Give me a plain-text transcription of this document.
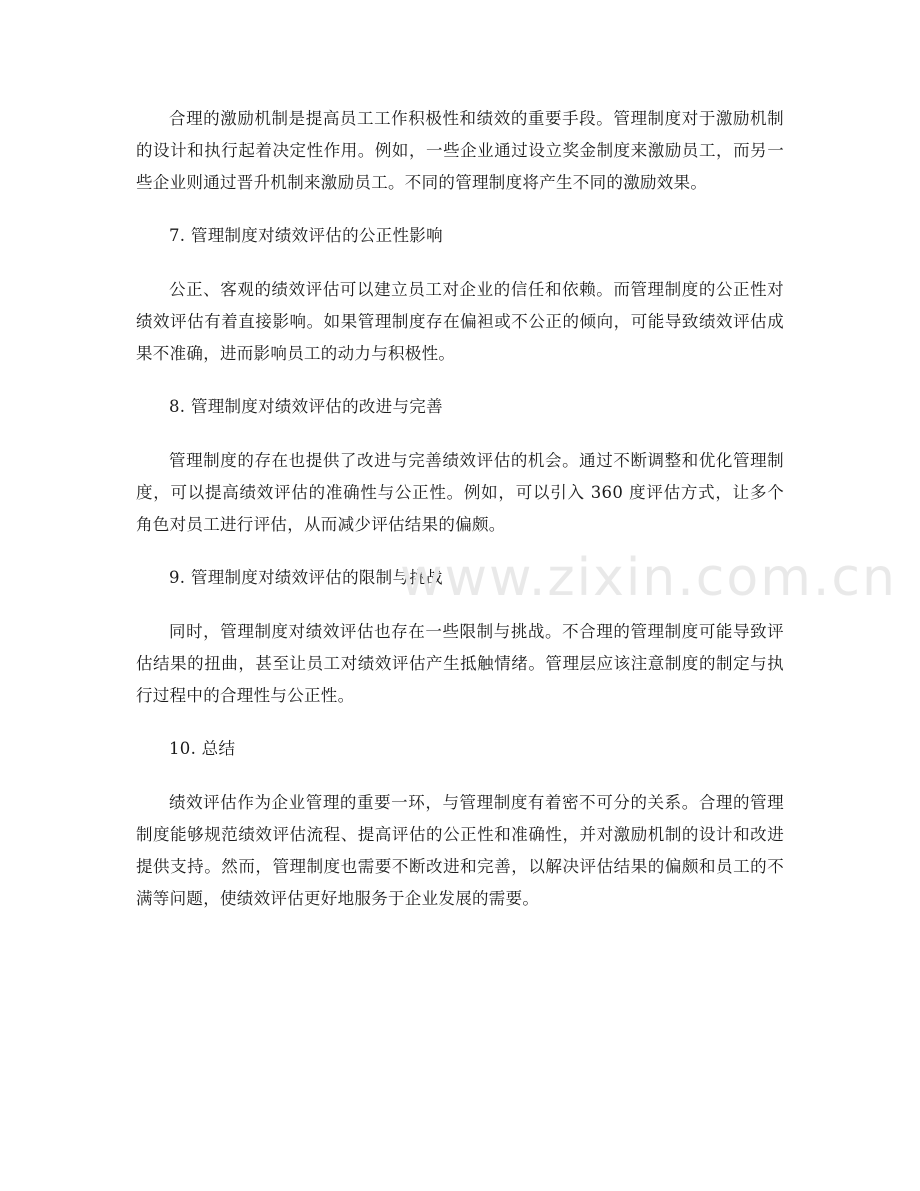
合理的激励机制是提高员工工作积极性和绩效的重要手段。管理制度对于激励机制的设计和执行起着决定性作用。例如，一些企业通过设立奖金制度来激励员工，而另一些企业则通过晋升机制来激励员工。不同的管理制度将产生不同的激励效果。

7. 管理制度对绩效评估的公正性影响

公正、客观的绩效评估可以建立员工对企业的信任和依赖。而管理制度的公正性对绩效评估有着直接影响。如果管理制度存在偏袒或不公正的倾向，可能导致绩效评估成果不准确，进而影响员工的动力与积极性。

8. 管理制度对绩效评估的改进与完善

管理制度的存在也提供了改进与完善绩效评估的机会。通过不断调整和优化管理制度，可以提高绩效评估的准确性与公正性。例如，可以引入 360 度评估方式，让多个角色对员工进行评估，从而减少评估结果的偏颇。

9. 管理制度对绩效评估的限制与挑战

同时，管理制度对绩效评估也存在一些限制与挑战。不合理的管理制度可能导致评估结果的扭曲，甚至让员工对绩效评估产生抵触情绪。管理层应该注意制度的制定与执行过程中的合理性与公正性。

10. 总结

绩效评估作为企业管理的重要一环，与管理制度有着密不可分的关系。合理的管理制度能够规范绩效评估流程、提高评估的公正性和准确性，并对激励机制的设计和改进提供支持。然而，管理制度也需要不断改进和完善，以解决评估结果的偏颇和员工的不满等问题，使绩效评估更好地服务于企业发展的需要。

www.zixin.com.cn
